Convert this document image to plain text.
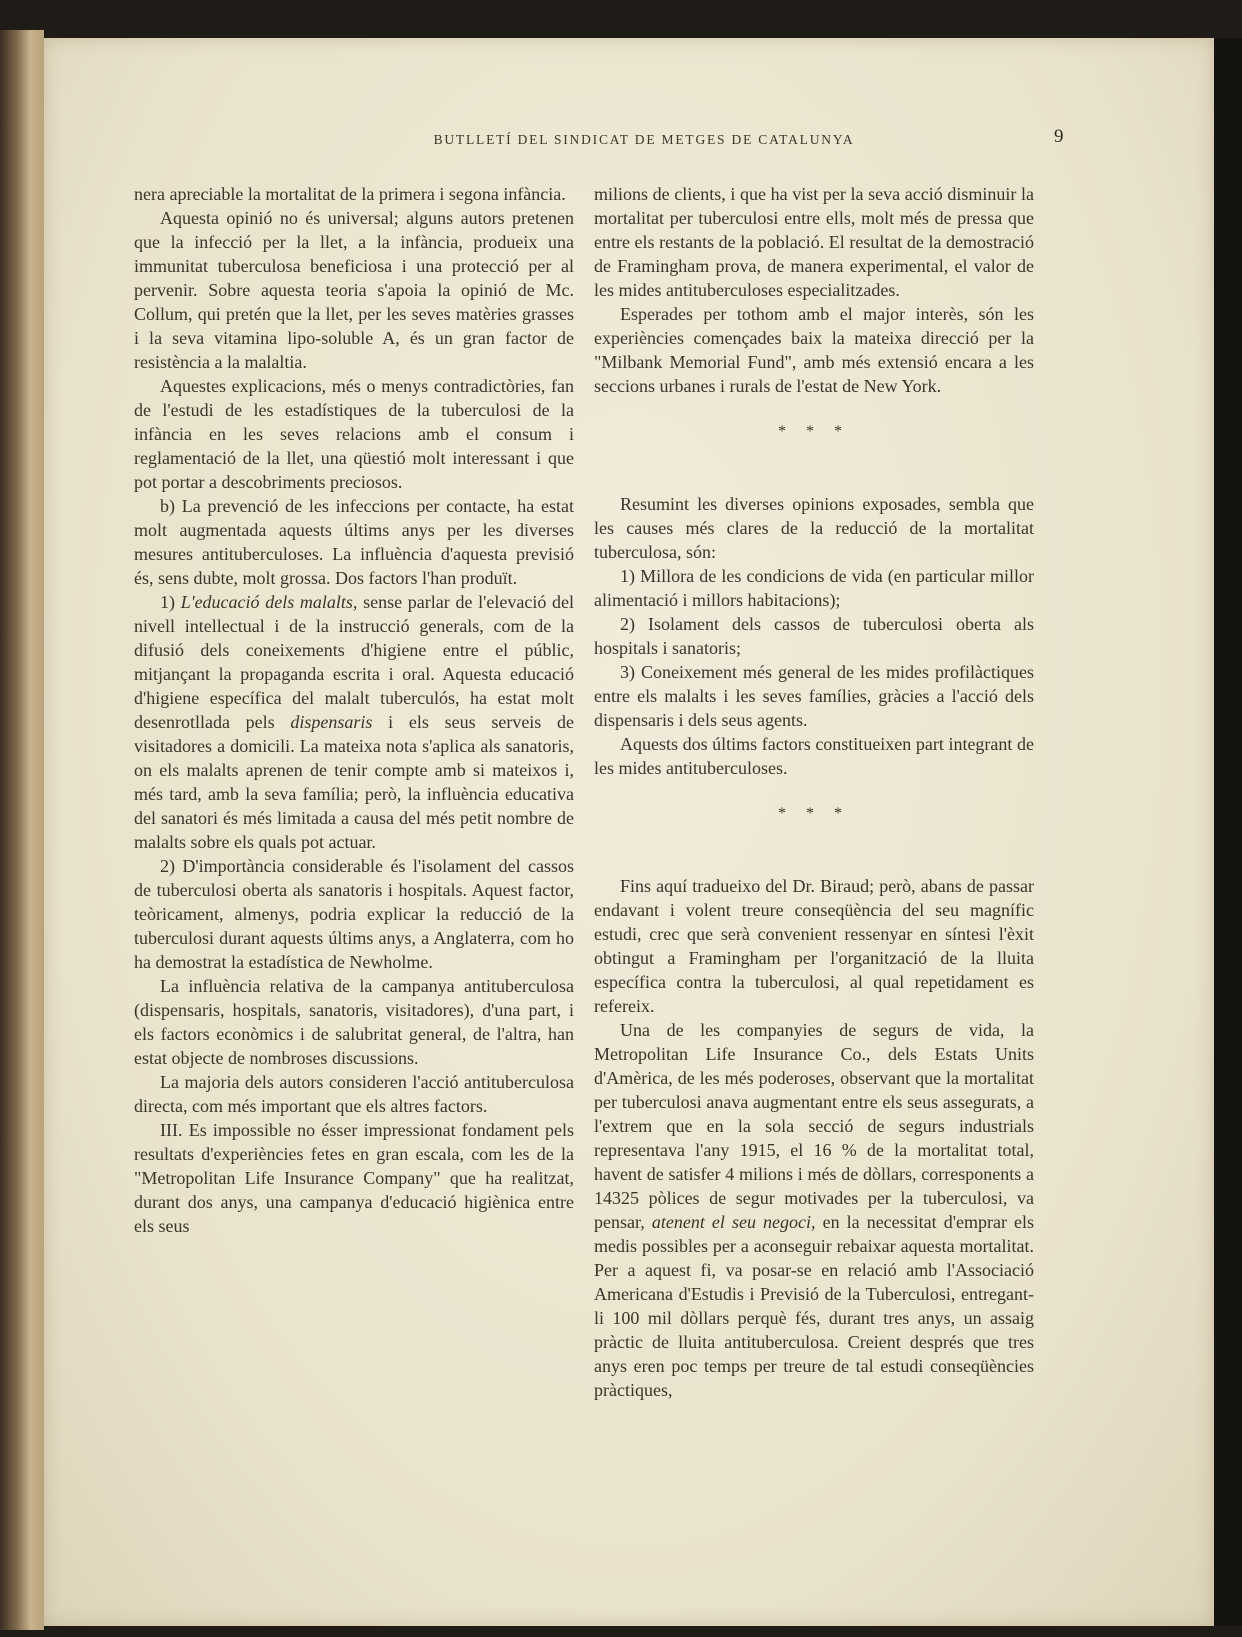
BUTLLETÍ DEL SINDICAT DE METGES DE CATALUNYA	9

nera apreciable la mortalitat de la primera i segona infància.

Aquesta opinió no és universal; alguns autors pretenen que la infecció per la llet, a la infància, produeix una immunitat tuberculosa beneficiosa i una protecció per al pervenir. Sobre aquesta teoria s'apoia la opinió de Mc. Collum, qui pretén que la llet, per les seves matèries grasses i la seva vitamina lipo-soluble A, és un gran factor de resistència a la malaltia.

Aquestes explicacions, més o menys contradictòries, fan de l'estudi de les estadístiques de la tuberculosi de la infància en les seves relacions amb el consum i reglamentació de la llet, una qüestió molt interessant i que pot portar a descobriments preciosos.

b) La prevenció de les infeccions per contacte, ha estat molt augmentada aquests últims anys per les diverses mesures antituberculoses. La influència d'aquesta previsió és, sens dubte, molt grossa. Dos factors l'han produït.

1) L'educació dels malalts, sense parlar de l'elevació del nivell intellectual i de la instrucció generals, com de la difusió dels coneixements d'higiene entre el públic, mitjançant la propaganda escrita i oral. Aquesta educació d'higiene específica del malalt tuberculós, ha estat molt desenrotllada pels dispensaris i els seus serveis de visitadores a domicili. La mateixa nota s'aplica als sanatoris, on els malalts aprenen de tenir compte amb si mateixos i, més tard, amb la seva família; però, la influència educativa del sanatori és més limitada a causa del més petit nombre de malalts sobre els quals pot actuar.

2) D'importància considerable és l'isolament del cassos de tuberculosi oberta als sanatoris i hospitals. Aquest factor, teòricament, almenys, podria explicar la reducció de la tuberculosi durant aquests últims anys, a Anglaterra, com ho ha demostrat la estadística de Newholme.

La influència relativa de la campanya antituberculosa (dispensaris, hospitals, sanatoris, visitadores), d'una part, i els factors econòmics i de salubritat general, de l'altra, han estat objecte de nombroses discussions.

La majoria dels autors consideren l'acció antituberculosa directa, com més important que els altres factors.

III. Es impossible no ésser impressionat fondament pels resultats d'experiències fetes en gran escala, com les de la "Metropolitan Life Insurance Company" que ha realitzat, durant dos anys, una campanya d'educació higiènica entre els seus

milions de clients, i que ha vist per la seva acció disminuir la mortalitat per tuberculosi entre ells, molt més de pressa que entre els restants de la població. El resultat de la demostració de Framingham prova, de manera experimental, el valor de les mides antituberculoses especialitzades.

Esperades per tothom amb el major interès, són les experiències començades baix la mateixa direcció per la "Milbank Memorial Fund", amb més extensió encara a les seccions urbanes i rurals de l'estat de New York.

* * *

Resumint les diverses opinions exposades, sembla que les causes més clares de la reducció de la mortalitat tuberculosa, són:

1) Millora de les condicions de vida (en particular millor alimentació i millors habitacions);

2) Isolament dels cassos de tuberculosi oberta als hospitals i sanatoris;

3) Coneixement més general de les mides profilàctiques entre els malalts i les seves famílies, gràcies a l'acció dels dispensaris i dels seus agents.

Aquests dos últims factors constitueixen part integrant de les mides antituberculoses.

* * *

Fins aquí tradueixo del Dr. Biraud; però, abans de passar endavant i volent treure conseqüència del seu magnífic estudi, crec que serà convenient ressenyar en síntesi l'èxit obtingut a Framingham per l'organització de la lluita específica contra la tuberculosi, al qual repetidament es refereix.

Una de les companyies de segurs de vida, la Metropolitan Life Insurance Co., dels Estats Units d'Amèrica, de les més poderoses, observant que la mortalitat per tuberculosi anava augmentant entre els seus assegurats, a l'extrem que en la sola secció de segurs industrials representava l'any 1915, el 16 % de la mortalitat total, havent de satisfer 4 milions i més de dòllars, corresponents a 14325 pòlices de segur motivades per la tuberculosi, va pensar, atenent el seu negoci, en la necessitat d'emprar els medis possibles per a aconseguir rebaixar aquesta mortalitat. Per a aquest fi, va posar-se en relació amb l'Associació Americana d'Estudis i Previsió de la Tuberculosi, entregant-li 100 mil dòllars perquè fés, durant tres anys, un assaig pràctic de lluita antituberculosa. Creient després que tres anys eren poc temps per treure de tal estudi conseqüències pràctiques,
